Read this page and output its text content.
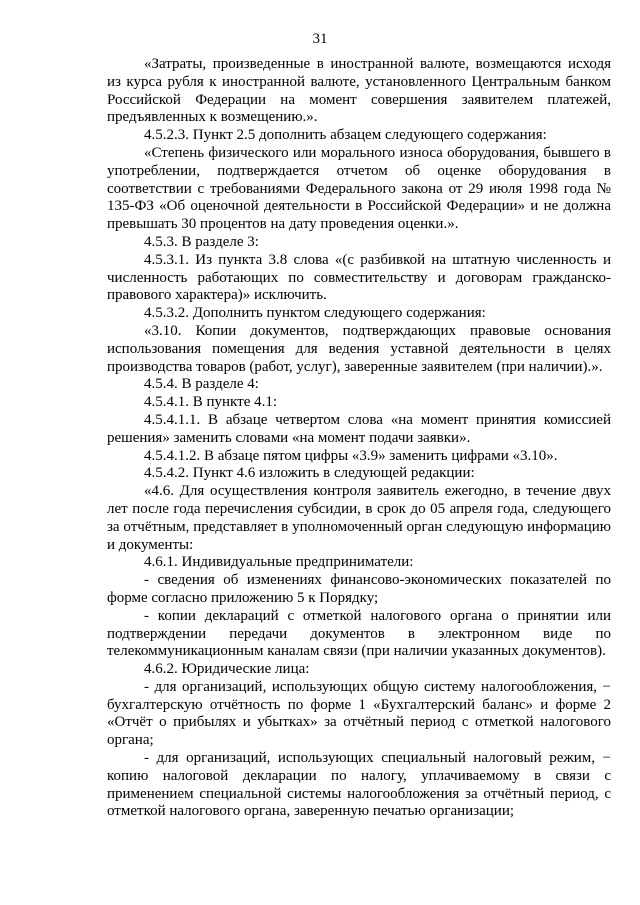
31

«Затраты, произведенные в иностранной валюте, возмещаются исходя из курса рубля к иностранной валюте, установленного Центральным банком Российской Федерации на момент совершения заявителем платежей, предъявленных к возмещению.».

4.5.2.3. Пункт 2.5 дополнить абзацем следующего содержания:

«Степень физического или морального износа оборудования, бывшего в употреблении, подтверждается отчетом об оценке оборудования в соответствии с требованиями Федерального закона от 29 июля 1998 года № 135-ФЗ «Об оценочной деятельности в Российской Федерации» и не должна превышать 30 процентов на дату проведения оценки.».

4.5.3. В разделе 3:

4.5.3.1. Из пункта 3.8 слова «(с разбивкой на штатную численность и численность работающих по совместительству и договорам гражданско-правового характера)» исключить.

4.5.3.2. Дополнить пунктом следующего содержания:

«3.10. Копии документов, подтверждающих правовые основания использования помещения для ведения уставной деятельности в целях производства товаров (работ, услуг), заверенные заявителем (при наличии).».

4.5.4. В разделе 4:

4.5.4.1. В пункте 4.1:

4.5.4.1.1. В абзаце четвертом слова «на момент принятия комиссией решения» заменить словами «на момент подачи заявки».

4.5.4.1.2. В абзаце пятом цифры «3.9» заменить цифрами «3.10».

4.5.4.2. Пункт 4.6 изложить в следующей редакции:

«4.6. Для осуществления контроля заявитель ежегодно, в течение двух лет после года перечисления субсидии, в срок до 05 апреля года, следующего за отчётным, представляет в уполномоченный орган следующую информацию и документы:

4.6.1. Индивидуальные предприниматели:

- сведения об изменениях финансово-экономических показателей по форме согласно приложению 5 к Порядку;

- копии деклараций с отметкой налогового органа о принятии или подтверждении передачи документов в электронном виде по телекоммуникационным каналам связи (при наличии указанных документов).

4.6.2. Юридические лица:

- для организаций, использующих общую систему налогообложения, − бухгалтерскую отчётность по форме 1 «Бухгалтерский баланс» и форме 2 «Отчёт о прибылях и убытках» за отчётный период с отметкой налогового органа;

- для организаций, использующих специальный налоговый режим, − копию налоговой декларации по налогу, уплачиваемому в связи с применением специальной системы налогообложения за отчётный период, с отметкой налогового органа, заверенную печатью организации;
